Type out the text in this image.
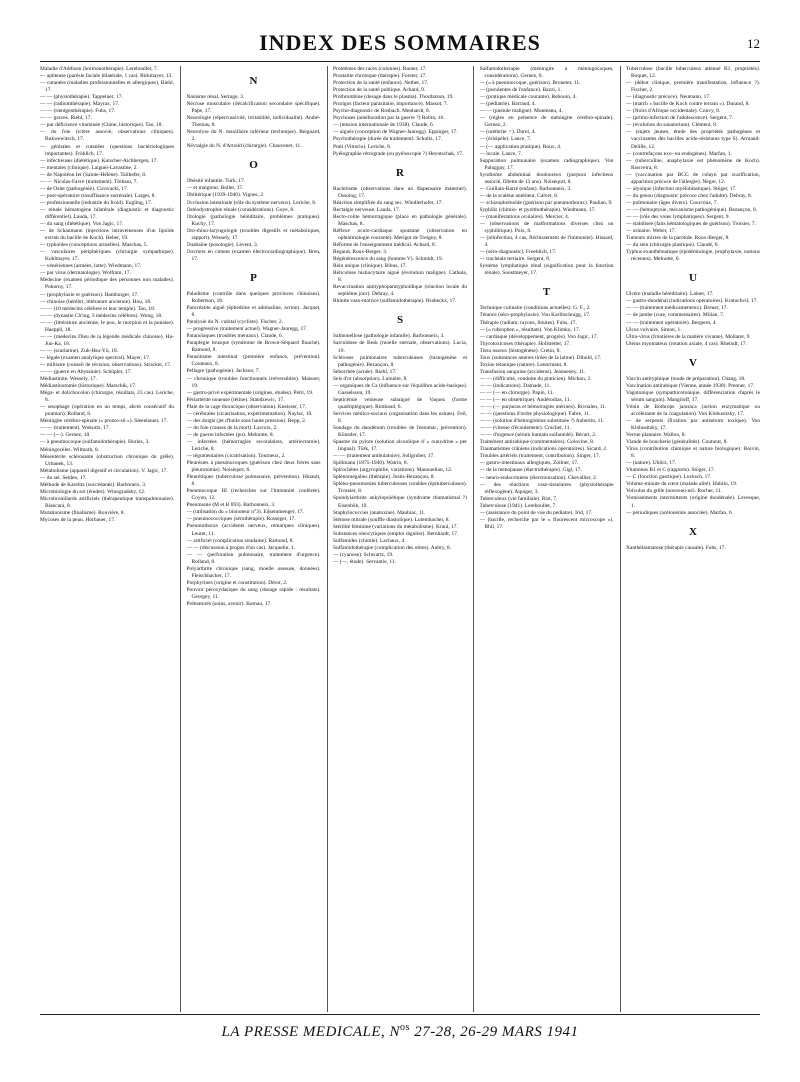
INDEX DES SOMMAIRES	12

Maladie d'Addison (hormonothérapie). Lereboullet, 7.

— aphteuse (parésie faciale bilatérale, 1 cas). Birkmayer, 13.

— cutanées (maladies professionnelles et allergiques), Riehl, 17.

— — (physiothérapie). Tappeiner, 17.

— — (radiumthérapie). Mayrax, 17.

— — (rœntgenthérapie). Fuhs, 17.

— — graves. Riehl, 17.

— par déficience vitaminée (Chine, historique). Tao, 18.

— du foie (ictère associé, observations cliniques). Bukwewitsch, 17.

— génitales et cutanées (questions bactériologiques importantes). Fröhlich, 17.

— infectieuses (diététique). Kutscher-Aichbergen, 17.

— mentales (clinique). Laignel-Lavastine, 2.

— de Napoléon Ier (Sainte-Hélène). Tailhefer, 8.

— — Nicolas-Favre (traitement). Thibaut, 7.

— de Osler (pathogénie). Cicovacki, 17.

— post-opératoire (insuffisance surrénale). Larget, 8.

— professionnelle (industrie du froid). Eugling, 17.

— rénale hématogène bilatérale (diagnostic et diagnostic différentiel). Lauda, 17.

— du sang (diététique). Von Jagic, 17.

— de Schaumann (injections intraveineuses d'un lipoïde extrait du bacille de Koch). Heber, 19.

— typhoïdes (conceptions actuelles). Maschas, 5.

— vasculaires périphériques (chirurgie sympathique). Kohlmayer, 17.

— vénériennes (armées, lutte). Wiedmann, 17.

— par virus (dermatologie). Wolfram, 17.

Médecine (examen périodique des personnes non malades). Pokorny, 17.

— (prophylaxie et guérison). Hamburger, 17.

— chinoise (hérébri, littérature ancienne). Hou, 18.

— — (10 médecins célèbres et leur temple). Tao, 18.

— — (dynastie Ch'ing, 3 médecins célèbres). Wong, 18.

— — (littérature ancienne, le pou, le morpion et la punaise). Haeppli, 18.

— — (médecins Dieu de la légende médicale chinoise). Hu-Jun-Ka, 18.

— — (scarlatine). Zuh-Hsu-Yü, 18.

— légale (examen analytique spectral). Mayer, 17.

— militaire (conseil de révision, observations). Stracker, 17.

— — (guerre en Abyssinie). Schüpler, 17.

Médiastinite. Wessely, 17.

Médiastinotomie (historique). Marschik, 17.

Méga- et dolichocolon (chirurgie, résultats, 23 cas). Leriche, 8.

— œsophage (opération en un temps, abcès consécutif du poumon). Rolland, 8.

Méningite cérébro-spinale (« pronto-sil »). Sleenhauer, 17.

— — (traitement). Wokurtz, 17.

— — (—). Gernez, 10.

— à pneumocoque (sulfamidothérapie). Huriez, 3.

Méningocèles. Wilmoth, 8.

Mésentérite sclérosante (obstruction chronique du grêle). Urbanek, 13.

Métabolisme (appareil digestif et circulation). V. Jagic, 17.

— du sel. Seiden, 17.

Méthode de Karelitz (succédanés). Barboneix, 3.

Microbiologie du sol (études). Winogradsky, 12.

Microbrouillards artificiels (thérapeutique transpulmonaire). Biancani, 8.

Mutationisme (finalisme). Rouvière, 8.

Mycoses de la peau. Horbauer, 17.

N

Nanisme rénal. Seringe, 3.

Nécrose musculaire (décalcification secondaire spécifique). Pape, 17.

Neurologie (répercussivité, irritabilité, individualité). André-Thomas, 8.

Neurolyse du N. maxillaire inférieur (technique). Reignard, 2.

Névralgie du N. d'Arnold (chirurgie). Chauvenet, 11.

O

Obésité infantile. Turk, 17.

— et maigreur. Boller, 17.

Oblitérique (1939-1940). Vignes, 2.

Occlusion intestinale (rôle du système nerveux). Leriche, 8.

Ostéodystrophie rénale (considérations). Guye, 8.

Otologie (pathologie héréditaire, problèmes pratiques). Kuchy, 17.

Oto-rhino-laryngologie (troubles digestifs et métaboliques, rapport). Wessely, 17.

Ouabaïne (posologie). Levent, 3.

Ouvriers en ciment (examen électrocardiographique). Breu, 17.

P

Paludisme (contrôle dans quelques provinces chinoises). Robertson, 18.

Pancréatite aiguë (éphédrine et adrénaline, action). Jacquet, 8.

Paralysie du N. cubital (cycliste). Fischer, 2.

— progressive (traitement actuel). Wagner-Jauregg, 17.

Paranoïaques (troubles mentaux). Claude, 6.

Paraplégie brusque (syndrome de Brown-Séquard fluaché). Ramond, 8.

Parasitisme intestinal (première enfance, prévention). Couteaux, 8.

Pellagre (pathogénie). Jackson, 7.

— chronique (troubles fonctionnels irréversibles). Maisner, 19.

— gastro-privé expérimentale (origines, études). Pétri, 19.

Périartérite noueuse (rétine). Standzewic, 17.

Plaie de la cage thoracique (observation). Kneisser, 17.

— cérébrales (cicatrisation, expérimentation). Naylac, 10.

— des doigts (jet d'huile sous haute pression). Repp, 2.

— du foie (causes de la mort). Lacroix, 2.

— de guerre infectées (pu). Melnotte, 8.

— infectées (hémorragies secondaires, artériectomie). Leriche, 8.

— tégumentaires (cicatrisation). Tourneux, 2.

Pleurésies à pneumocoques (guérison chez deux frères sans pleurotomie). Noiséqurt, 6.

Pleurétiques (tuberculose pulmonaire, prévention). Hinault, 8.

Pneumocoque III (recherches sur l'immunité conférée). Coyon, 12.

Pneumonie (M et B 693). Barbonneix, 3.

— (utilisation du « bionoteur n°3). Edsemmenger, 17.

— pneumococciques (sérothérapie). Rosseger, 17.

Pneumothorax (accidents nerveux, remarques cliniques). Leuret, 11.

— artificiel (complication soudaine). Ramond, 8.

— — (discussion à propos d'un cas). Jacquelin, 1.

— — (perforation pulmonaire, traitement d'urgence). Rolland, 8.

Polyarthrite chronique (sang, moelle osseuse, données). Fleischhacker, 17.

Porphyrines (origine et constitution). Dérot, 2.

Pouvoir peroxydasique du sang (dosage rapide : résultats). Georgey, 11.

Prématurés (soins, avenir). Kernau, 17.

Problèmes des races (colonies). Rauter, 17.

Prostatite chronique (thérapie). Forster, 17.

Protection de la santé (enfance). Netber, 17.

Protection de la santé publique. Achard, 9.

Prothrombine (dosage dans le plasma). Thordarson, 19.

Prurigos (facteur parasitaire, importance). Massot, 7.

Psycho-diagnostic de Rosbach. Menhardt, 8.

Psychoses (amélioration par la guerre ?) Robin, 16.

— (tension internationale de 1938). Claude, 6.

— aiguës (conception de Wagner-Jauregg). Eppinger, 17.

Psychothérapie (durée du traitement). Schultz, 17.

Putti (Vittorio). Leriche, 8.

Pyélographie rétrograde (ou pyéloscopie ?) Heyntschak, 17.

R

Rachitisme (observations dans un dispensaire maternel). Ossoing, 17.

Réaction simplifiée du sang sec. Windlerhofer, 17.

Rectalgie nerveuse. Lauda, 17.

Recto-colite hémorragique (place en pathologie générale). Maschas, 8.

Réflexe oculo-cardiaque spontané (observation en ophtalmologie courante). Merigot de Treigny, 8.

Réforme de l'enseignement médical. Achard, 8.

Regaud, Roux-Berger, 3.

Régénérescence du sang (homme V). Schmidt, 19.

Rein unique (clinique). Bibus, 17.

Réticulose histiocytaire aiguë (évolution maligne). Cathala, 8.

Revaccination antityphoparatyphoïdique (réaction locale du septième jour). Debray, 4.

Rhinite vaso-motrice (sulfamidothérapie). Hrabeckx, 17.

S

Salmonellose (pathologie infantile). Barbonneix, 3.

Sarcoïdose de Besk (moelle sternale, observations). Lucia, 19.

Scléroses pulmonaires tuberculeuses (histogénèse et pathogénie). Bezançon, 8.

Séborrhée (acnée). Riehl, 17.

Sels d'or (absorption). Lumière, 8.

— organiques de Ca (influence sur l'équilibre acido-basique). Gasselsson, 19.

Septicémie veineuse subaiguë de Vaquez (forme quadriplégique). Rimbaud, 6.

Services médico-sociaux (organisation dans les usines). Feil, 8.

Sondage du duodénum (troubles de l'estomac, prévention). Künstler, 17.

Spasme du pylore (solution alcoolique d' « ounydrine » per lingual). Türk, 17.

— — (traitement ambulatoire). Sollgruber, 17.

Spillmann (1875-1940). Watrin, 8.

Spirochètes (argyrophilie, variations). Manouelian, 12.

Splénomégalies (thérapie). Justis-Bezançon, 8.

Spléno-pneumonies tuberculeuses curables (épituberculoses). Trossier, 8.

Spondylarthrite ankylopoïétique (syndrome rhumatismal ?) Eisenbök, 19.

Staphylococcies (anatoxine). Maubiac, 11.

Sténose mitrale (souffle diastolique). Lutembacher, 8.

Stérilité féminine (variations du métabolisme). Kraul, 17.

Substances oleocytiques (emploi régulier). Bernhardt, 17.

Sulfamides (chimie). Lachaux, 4.

Sulfamidothérapie (complication des otites). Aubry, 8.

— (cyanose). Schwartz, 19.

— (—, étude). Servantie, 11.

Sulfamidothérapie (méningite à méningocoques, considérations). Gernez, 8.

— (« à pneumocoque, guérison). Brouetet, 11.

— (purulentes de l'enfance). Bazzi, 1.

— (pratique médicale courante). Rebouin, 4.

— (pédiatrie). Barraud, 4.

— — (pustule maligne). Munteanu, 4.

— (règles en présence de méningite cérébro-spinale). Gernez, 2.

— (uréthrite ♂). Durel, 4.

— (érisipèle). Lance, 7.

— (— application pratique). Roux, 4.

— locale. Lance, 7.

Suppuration pulmonaire (examen radiographique). Von Paluggay, 17.

Syndrome abdominal douloureux (purpura infectieux associé, fillette de 13 ans). Noiséqurt, 8.

— Guillain-Barré (enfant). Barbonneix, 3.

— de la scalène antérieur. Calvet, 8.

— schizophrénoïde (guérison par pneumothorax). Paulian, 9.

Syphilis (chimio- et pyréthothérapie). Wiedmann, 17.

— (manifestations oculaires). Mercier, 4.

— (observations de malformations diverses chez un syphilitique). Poix, 8.

— (réinfection, 4 cas, fléchissement de l'immunité). Hissard, 4.

— (séro-diagnostic). Froehlich, 17.

— trachéale tertiaire. Sergent, 8.

Système lymphatique rénal (signification pour la fonction rénale). Soostmeyer, 17.

T

Technique culinaire (conditions actuelles). G. F., 2.

Tétanos (séro-prophylaxie). Von Karlitschnigg, 17.

Thérapie (radium, rayons, limites). Fuhs, 17.

— (« rubrophen », résultats). Von Klimko, 17.

— cardiaque (développement, progrès). Von Jagic, 17.

Thyrotoxicoses (thérapie). Hollstetter, 17.

Tissu osseux (histogénèse). Cretin, 8.

Toux (substances amères tirées de la laitue). Dibold, 17.

Toxine tétanique (nature). Lenormant, 8.

Transfusion sanguine (accidents). Jeanneney, 11.

— — (difficulté, conduite du praticien). Michon, 2.

— — (indications). Damade, 11.

— — (— en chirurgie). Papin, 11.

— — (— en obstétrique). Andérodias, 11.

— — (— purpuras et hémorragies utérines). Rivoalen, 11.

— — (questions d'ordre physiologique). Fabre, 11.

— — (solution d'hémoglobine substituée ?) Aubertin, 11.

— — (vitesse d'écoulement). Cruchet, 11.

— — d'urgence (sérum humain sulfamidé). Bécart, 2.

Traitement antirabique (commentaires). Golovine, 8.

Traumatismes crâniens (indications opératoires). Sicard, 2.

Troubles artériels (traitement, contribution). Singer, 17.

— gastro-intestinaux allergiques. Zollner, 17.

— de la ménopause (électrothérapie). Gigl, 17.

— neuro-endocriniens (électronisation). Chevallier, 2.

— des réactions vaso-tissulaires (physiothérapie réflexogène). Aquiger, 3.

Tuberculeux (vie familiale). Rist, 7.

Tuberculose (1941). Lereboullet, 7.

— (assistance du point de vue du pédiatre). Irid, 17.

— (bacille, recherche par le « fluorescent microscope »). Rhil, 17.

Tuberculose (bacille tuberculeux atténué B1, propriétés). Boquet, 12.

— (début clinique, première manifestation, influence ?). Fischer, 2.

— (diagnostic précoce). Neumann, 17.

— (match « bacille de Koch contre terrain »). Durand, 8.

— (Noirs d'Afrique occidentale). Couvy, 8.

— (primo-infection de l'adolescence). Sergent, 7.

— (évolution du sanatorium). Clément, 8.

— (sujets jeunes, étude des propriétés pathogènes et vaccinantes des bacilles acido-résistants type S). Armand-Delille, 12.

— (contrefaçons exo- ou endogènes). Marfan, 1.

— (tuberculine, anaphylaxie est phénomène de Koch). Rissveira, 8.

— (vaccination par BCG de colayn par scarification, apparition précoce de l'allergie). Nègre, 12.

— alyoïque (infection myéloblastique). Stöger, 17.

— du genou (diagnostic précoce chez l'adulte). Debray, 8.

— pulmonaire (âges divers). Courcoux, 7.

— — (hémoptysie, mécanisme pathogénique). Bezançon, 8.

— — (rôle des voies lymphatiques). Sergent, 9.

— stabilisée (faits hématologiques de guérison). Troisier, 7.

— urinaire. Weber, 17.

Tumeurs mixtes de la parotide. Roux-Berger, 8.

— du sein (chirurgie plastique). Claudé, 6.

Typhus exanthématique (épidémiologie, prophylaxie, notions récentes). Melnotte, 6.

U

Ulcère (maladie héréditaire). Lainer, 17.

— gastro-duodénal (indications opératoires). Kratochvil, 17.

— — (traitement médicamenteux). Breuer, 17.

— de jambe (cure, commentaires). Milian, 7.

— — (traitement opératoire). Bergeret, 4.

Ulcus vulvaire. Simon, 1.

Ultra-virus (frontières de la matière vivante). Mollaret, 9.

Utérus myomateux (rotation axiale, 4 cas). Rheindt, 17.

V

Vaccin antityphique (mode de préparation). Chang, 18.

Vaccination antirabique (Vienne, année 1938). Prenner, 17.

Vagotonique (sympathicotonique, différenciation d'après le sérum sanguin). Mangiloff, 17.

Vénin de Bothrops jararaca (action enzymatique ou accélérante de la coagulation). Von Klobusitzky, 17.

— de serpents (fixation par antisérum toxique). Von Klobusitzky, 17.

Verrue plantaire. Wallon, 8.

Viande de boucherie (généralités). Couturat, 8.

Virus (contribution chimique et nature biologique). Boivin, 8.

— (nature). Uhlirz, 17.

Vitamines B1 et C (rapports). Stöger, 17.

— C (fonction gastrique). Lucksch, 17.

Volume-minute du cœur (malade alité). Habilo, 19.

Volvulus du grêle (nouveau-né). Rocher, 11.

Vomissements intermittents (origine duodénale). Levesque, 1.

— périodiques (acétonémie associée). Marfan, 6.

X

Xanthélasmatose (thérapie causale). Fuhs, 17.

LA PRESSE MEDICALE, $N^{os}$ 27-28, 26-29 MARS 1941
